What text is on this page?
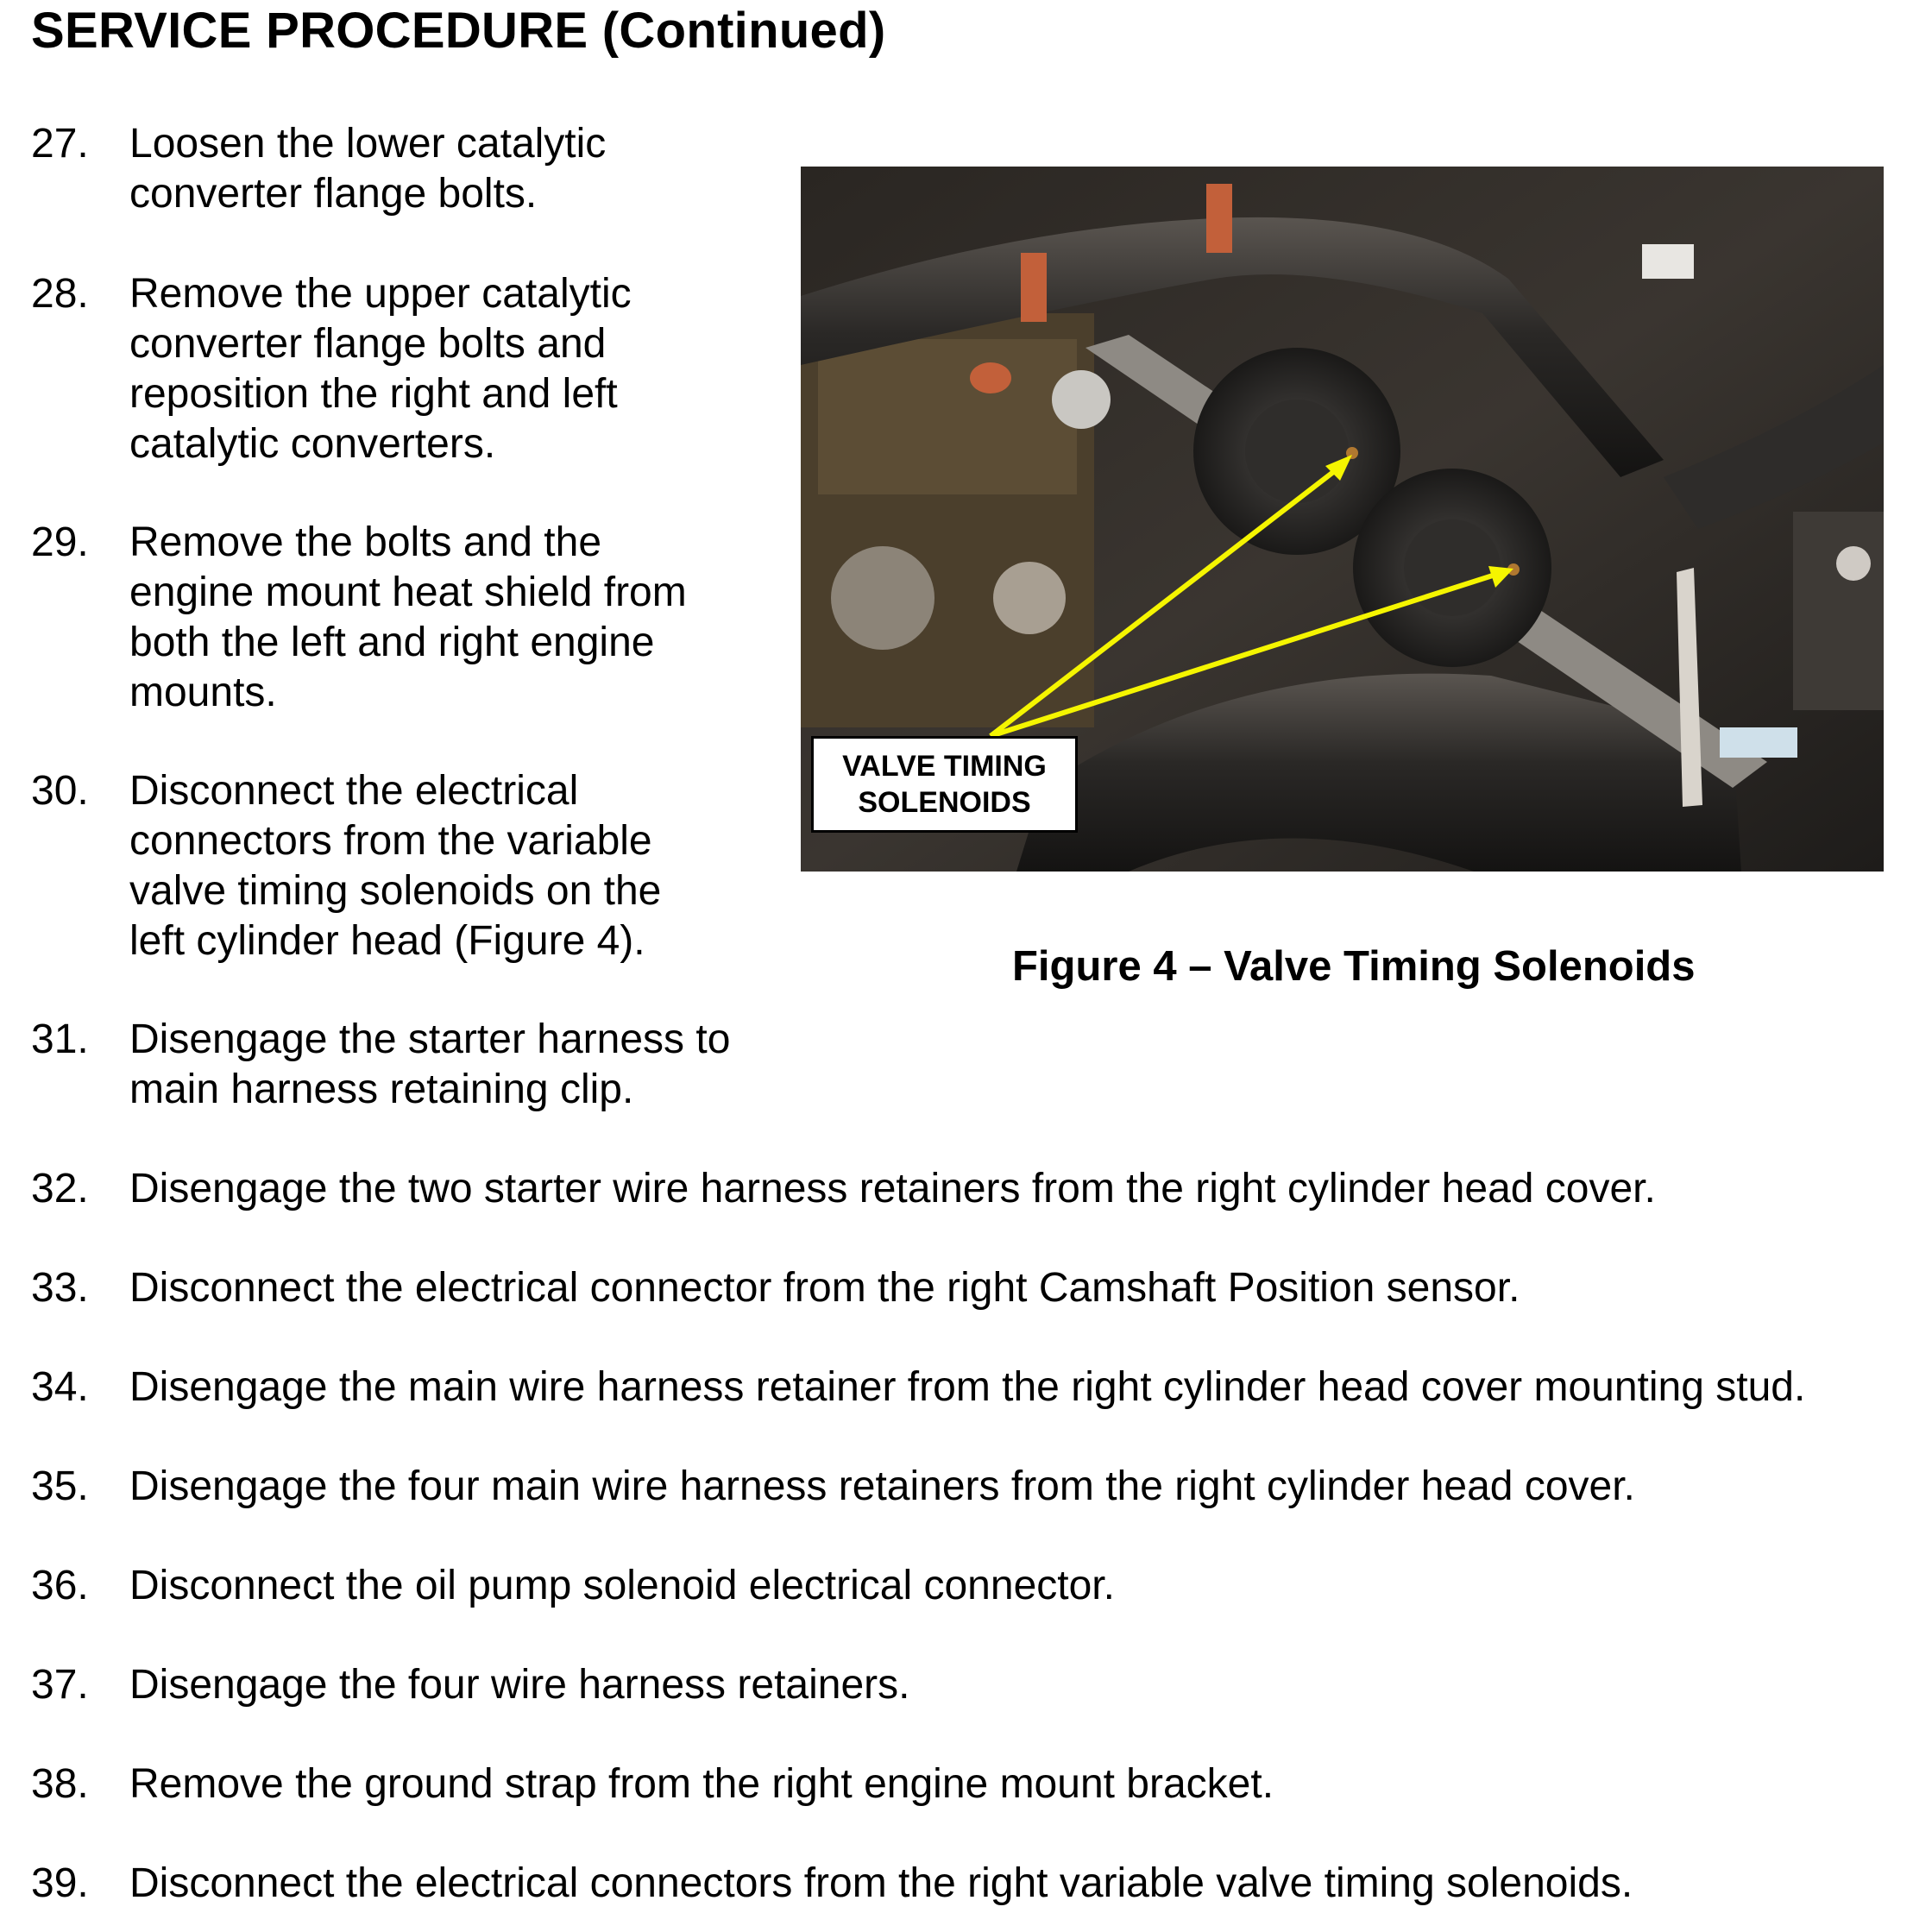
SERVICE PROCEDURE (Continued)
27. Loosen the lower catalytic
converter flange bolts.
28. Remove the upper catalytic
converter flange bolts and
reposition the right and left
catalytic converters.
29. Remove the bolts and the
engine mount heat shield from
both the left and right engine
mounts.
30. Disconnect the electrical
connectors from the variable
valve timing solenoids on the
left cylinder head (Figure 4).
31. Disengage the starter harness to
main harness retaining clip.
32. Disengage the two starter wire harness retainers from the right cylinder head cover.
33. Disconnect the electrical connector from the right Camshaft Position sensor.
34. Disengage the main wire harness retainer from the right cylinder head cover mounting stud.
35. Disengage the four main wire harness retainers from the right cylinder head cover.
36. Disconnect the oil pump solenoid electrical connector.
37. Disengage the four wire harness retainers.
38. Remove the ground strap from the right engine mount bracket.
39. Disconnect the electrical connectors from the right variable valve timing solenoids.
VALVE TIMING
SOLENOIDS
Figure 4 – Valve Timing Solenoids
